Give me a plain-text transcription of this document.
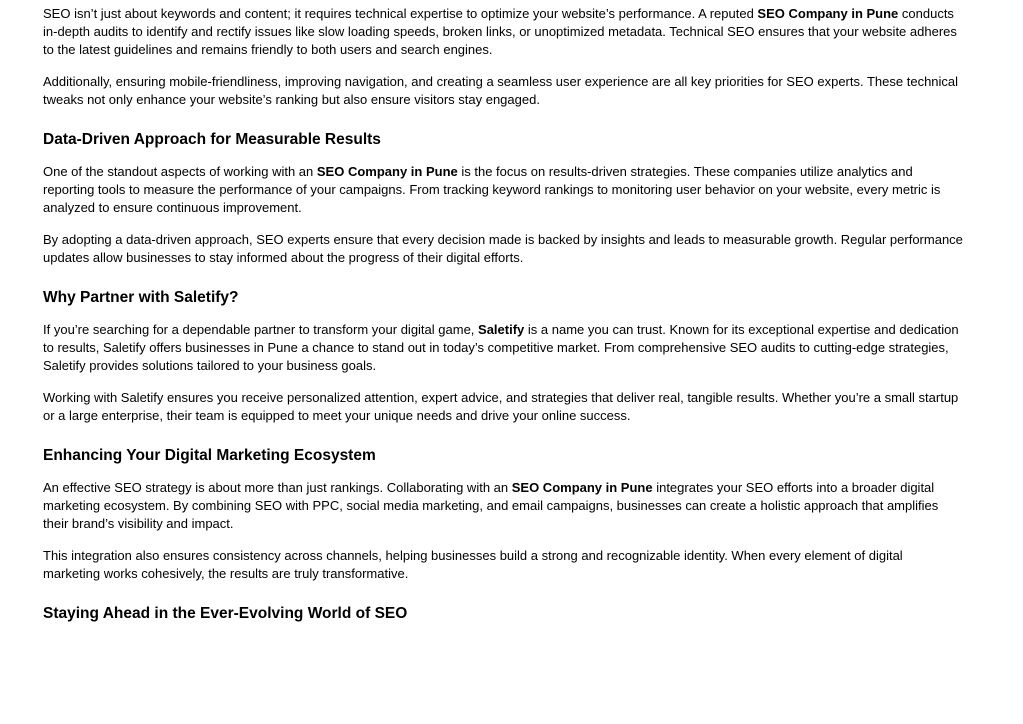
SEO isn’t just about keywords and content; it requires technical expertise to optimize your website’s performance. A reputed SEO Company in Pune conducts in-depth audits to identify and rectify issues like slow loading speeds, broken links, or unoptimized metadata. Technical SEO ensures that your website adheres to the latest guidelines and remains friendly to both users and search engines.

Additionally, ensuring mobile-friendliness, improving navigation, and creating a seamless user experience are all key priorities for SEO experts. These technical tweaks not only enhance your website’s ranking but also ensure visitors stay engaged.

Data-Driven Approach for Measurable Results

One of the standout aspects of working with an SEO Company in Pune is the focus on results-driven strategies. These companies utilize analytics and reporting tools to measure the performance of your campaigns. From tracking keyword rankings to monitoring user behavior on your website, every metric is analyzed to ensure continuous improvement.

By adopting a data-driven approach, SEO experts ensure that every decision made is backed by insights and leads to measurable growth. Regular performance updates allow businesses to stay informed about the progress of their digital efforts.

Why Partner with Saletify?

If you’re searching for a dependable partner to transform your digital game, Saletify is a name you can trust. Known for its exceptional expertise and dedication to results, Saletify offers businesses in Pune a chance to stand out in today’s competitive market. From comprehensive SEO audits to cutting-edge strategies, Saletify provides solutions tailored to your business goals.

Working with Saletify ensures you receive personalized attention, expert advice, and strategies that deliver real, tangible results. Whether you’re a small startup or a large enterprise, their team is equipped to meet your unique needs and drive your online success.

Enhancing Your Digital Marketing Ecosystem

An effective SEO strategy is about more than just rankings. Collaborating with an SEO Company in Pune integrates your SEO efforts into a broader digital marketing ecosystem. By combining SEO with PPC, social media marketing, and email campaigns, businesses can create a holistic approach that amplifies their brand’s visibility and impact.

This integration also ensures consistency across channels, helping businesses build a strong and recognizable identity. When every element of digital marketing works cohesively, the results are truly transformative.

Staying Ahead in the Ever-Evolving World of SEO
